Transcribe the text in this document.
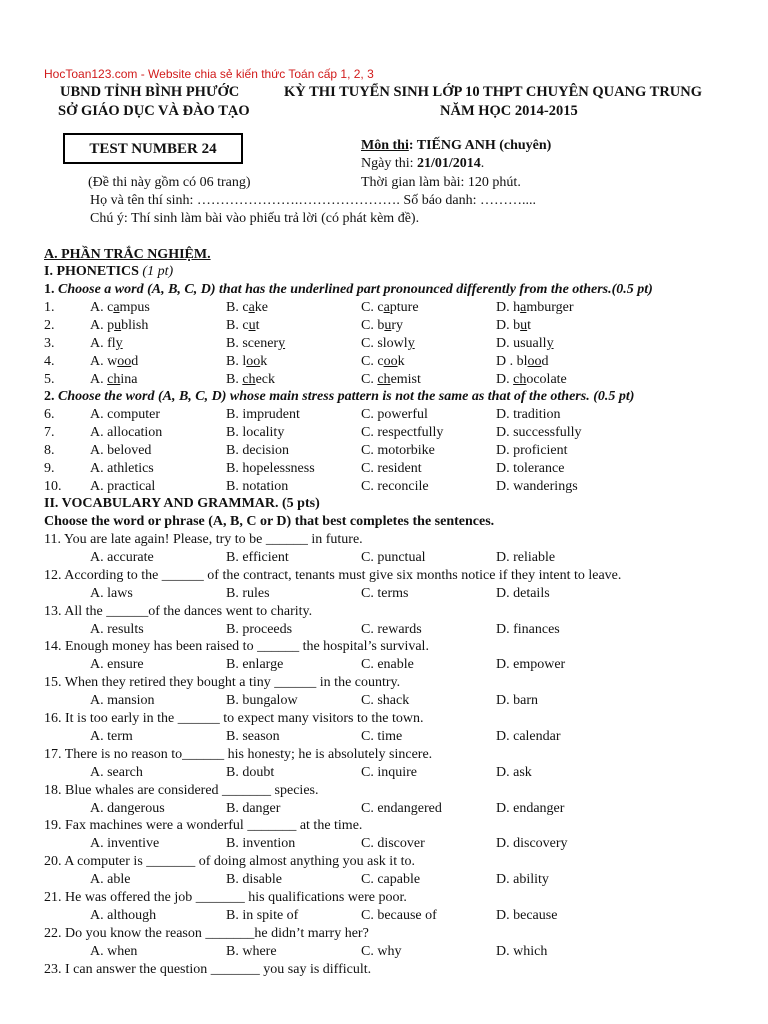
HocToan123.com - Website chia sẻ kiến thức Toán cấp 1, 2, 3
UBND TỈNH BÌNH PHƯỚC
SỞ GIÁO DỤC VÀ ĐÀO TẠO
KỲ THI TUYỂN SINH LỚP 10 THPT CHUYÊN QUANG TRUNG
NĂM HỌC 2014-2015
TEST NUMBER 24	Môn thi: TIẾNG ANH (chuyên)
Ngày thi: 21/01/2014.
(Đề thi này gồm có 06 trang)	Thời gian làm bài: 120 phút.
Họ và tên thí sinh: ………………….…………………. Số báo danh: ………....
Chú ý: Thí sinh làm bài vào phiếu trả lời (có phát kèm đề).
A. PHẦN TRẮC NGHIỆM.
I. PHONETICS (1 pt)
1. Choose a word (A, B, C, D) that has the underlined part pronounced differently from the others.(0.5 pt)
1.	A. campus	B. cake	C. capture	D. hamburger
2.	A. publish	B. cut	C. bury	D. but
3.	A. fly	B. scenery	C. slowly	D. usually
4.	A. wood	B. look	C. cook	D . blood
5.	A. china	B. check	C. chemist	D. chocolate
2. Choose the word (A, B, C, D) whose main stress pattern is not the same as that of the others. (0.5 pt)
6.	A. computer	B. imprudent	C. powerful	D. tradition
7.	A. allocation	B. locality	C. respectfully	D. successfully
8.	A. beloved	B. decision	C. motorbike	D. proficient
9.	A. athletics	B. hopelessness	C. resident	D. tolerance
10. A. practical	B. notation	C. reconcile	D. wanderings
II. VOCABULARY AND GRAMMAR. (5 pts)
Choose the word or phrase (A, B, C or D) that best completes the sentences.
11. You are late again! Please, try to be ______ in future.
A. accurate	B. efficient	C. punctual	D. reliable
12. According to the ______ of the contract, tenants must give six months notice if they intent to leave.
A. laws	B. rules	C. terms	D. details
13. All the ______of the dances went to charity.
A. results	B. proceeds	C. rewards	D. finances
14. Enough money has been raised to ______ the hospital’s survival.
A. ensure	B. enlarge	C. enable	D. empower
15. When they retired they bought a tiny ______ in the country.
A. mansion	B. bungalow	C. shack	D. barn
16. It is too early in the ______ to expect many visitors to the town.
A. term	B. season	C. time	D. calendar
17. There is no reason to______ his honesty; he is absolutely sincere.
A. search	B. doubt	C. inquire	D. ask
18. Blue whales are considered _______ species.
A. dangerous	B. danger	C. endangered	D. endanger
19. Fax machines were a wonderful _______ at the time.
A. inventive	B. invention	C. discover	D. discovery
20. A computer is _______ of doing almost anything you ask it to.
A. able	B. disable	C. capable	D. ability
21. He was offered the job _______ his qualifications were poor.
A. although	B. in spite of	C. because of	D. because
22. Do you know the reason _______he didn’t marry her?
A. when	B. where	C. why	D. which
23. I can answer the question _______ you say is difficult.
